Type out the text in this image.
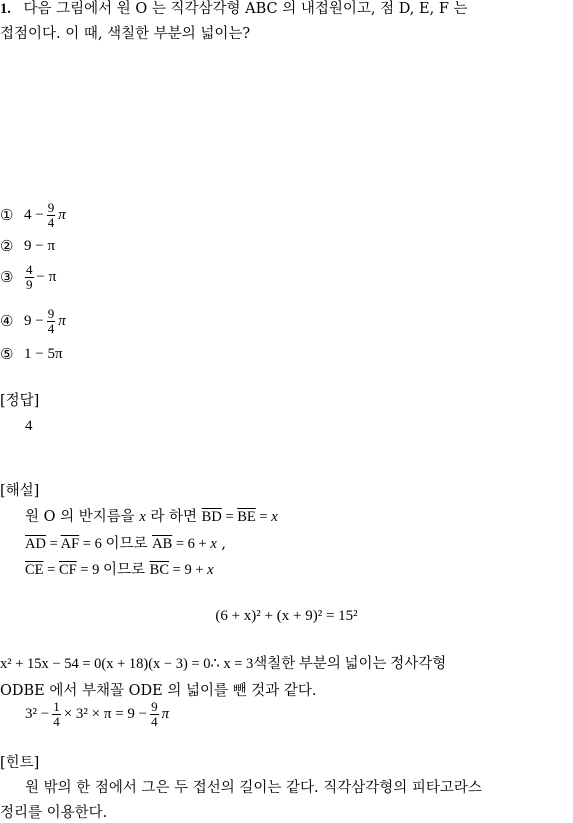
1. 다음 그림에서 원 O 는 직각삼각형 ABC 의 내접원이고, 점 D, E, F 는
접점이다. 이 때, 색칠한 부분의 넓이는?
① $4 - \frac{9}{4}$ π
② 9 − π
③ $\frac{4}{9} - \pi$
④ $9 - \frac{9}{4}$ π
⑤ 1 − 5π
[정답]
4
[해설]
원 O 의 반지름을 x 라 하면 $\overline{BD} = \overline{BE} = x$
$\overline{AD} = \overline{AF} = 6$ 이므로 $\overline{AB} = 6 + x$ ,
$\overline{CE} = \overline{CF} = 9$ 이므로 $\overline{BC} = 9 + x$
(6 + x)² + (x + 9)² = 15²
x² + 15x − 54 = 0(x + 18)(x − 3) = 0∴ x = 3색칠한 부분의 넓이는 정사각형
ODBE 에서 부채꼴 ODE 의 넓이를 뺀 것과 같다.
$3^2 - \frac{1}{4} \times 3^2 \times \pi = 9 - \frac{9}{4}$ π
[힌트]
원 밖의 한 점에서 그은 두 접선의 길이는 같다. 직각삼각형의 피타고라스
정리를 이용한다.
